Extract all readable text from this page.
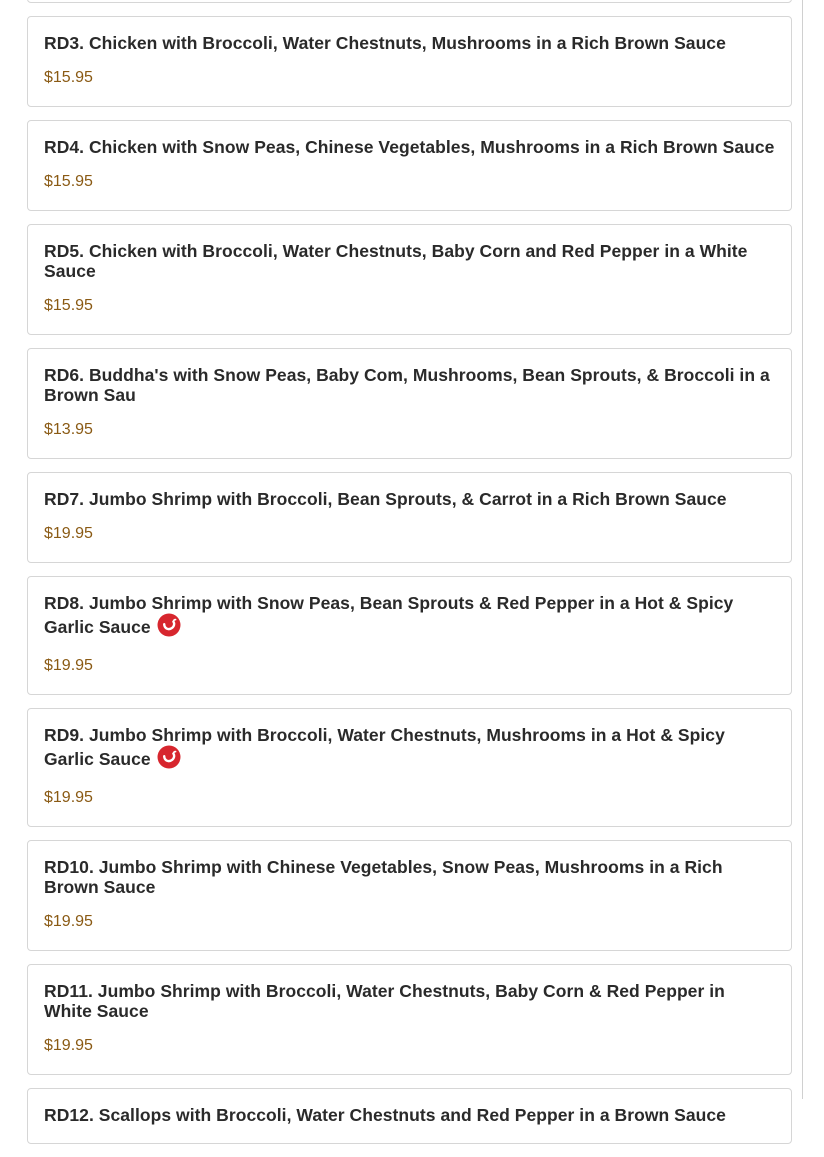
RD3. Chicken with Broccoli, Water Chestnuts, Mushrooms in a Rich Brown Sauce
$15.95
RD4. Chicken with Snow Peas, Chinese Vegetables, Mushrooms in a Rich Brown Sauce
$15.95
RD5. Chicken with Broccoli, Water Chestnuts, Baby Corn and Red Pepper in a White Sauce
$15.95
RD6. Buddha's with Snow Peas, Baby Com, Mushrooms, Bean Sprouts, & Broccoli in a Brown Sau
$13.95
RD7. Jumbo Shrimp with Broccoli, Bean Sprouts, & Carrot in a Rich Brown Sauce
$19.95
RD8. Jumbo Shrimp with Snow Peas, Bean Sprouts & Red Pepper in a Hot & Spicy Garlic Sauce
$19.95
RD9. Jumbo Shrimp with Broccoli, Water Chestnuts, Mushrooms in a Hot & Spicy Garlic Sauce
$19.95
RD10. Jumbo Shrimp with Chinese Vegetables, Snow Peas, Mushrooms in a Rich Brown Sauce
$19.95
RD11. Jumbo Shrimp with Broccoli, Water Chestnuts, Baby Corn & Red Pepper in White Sauce
$19.95
RD12. Scallops with Broccoli, Water Chestnuts and Red Pepper in a Brown Sauce
